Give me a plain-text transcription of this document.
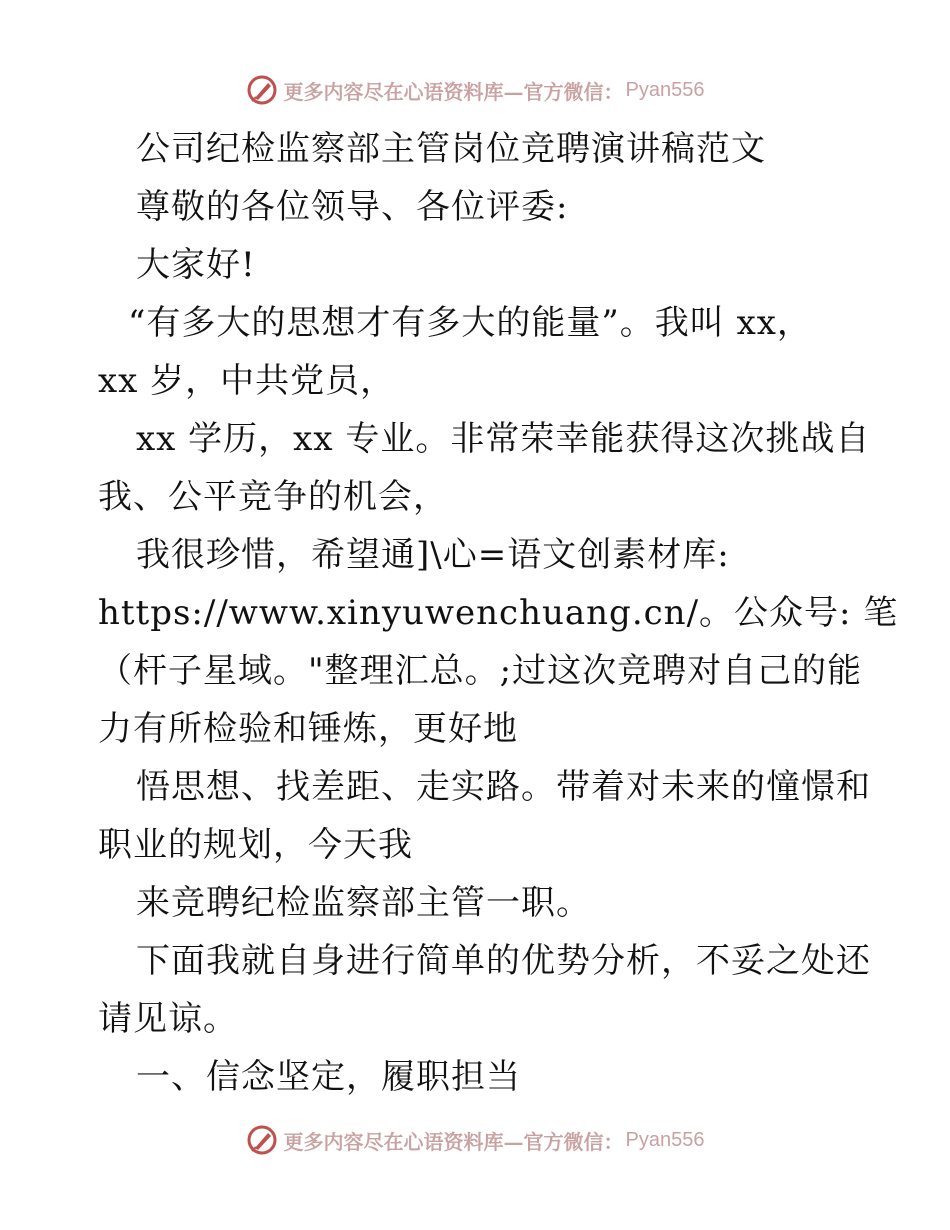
更多内容尽在心语资料库—官方微信： Pyan556
公司纪检监察部主管岗位竞聘演讲稿范文
尊敬的各位领导、各位评委:
大家好!
“有多大的思想才有多大的能量”。我叫 xx，
xx 岁，中共党员，
xx 学历，xx 专业。非常荣幸能获得这次挑战自
我、公平竞争的机会，
我很珍惜，希望通]\心=语文创素材库:
https://www.xinyuwenchuang.cn/。公众号: 笔
（杆子星域。"整理汇总。;过这次竞聘对自己的能
力有所检验和锤炼，更好地
悟思想、找差距、走实路。带着对未来的憧憬和
职业的规划，今天我
来竞聘纪检监察部主管一职。
下面我就自身进行简单的优势分析，不妥之处还
请见谅。
一、信念坚定，履职担当
更多内容尽在心语资料库—官方微信： Pyan556
